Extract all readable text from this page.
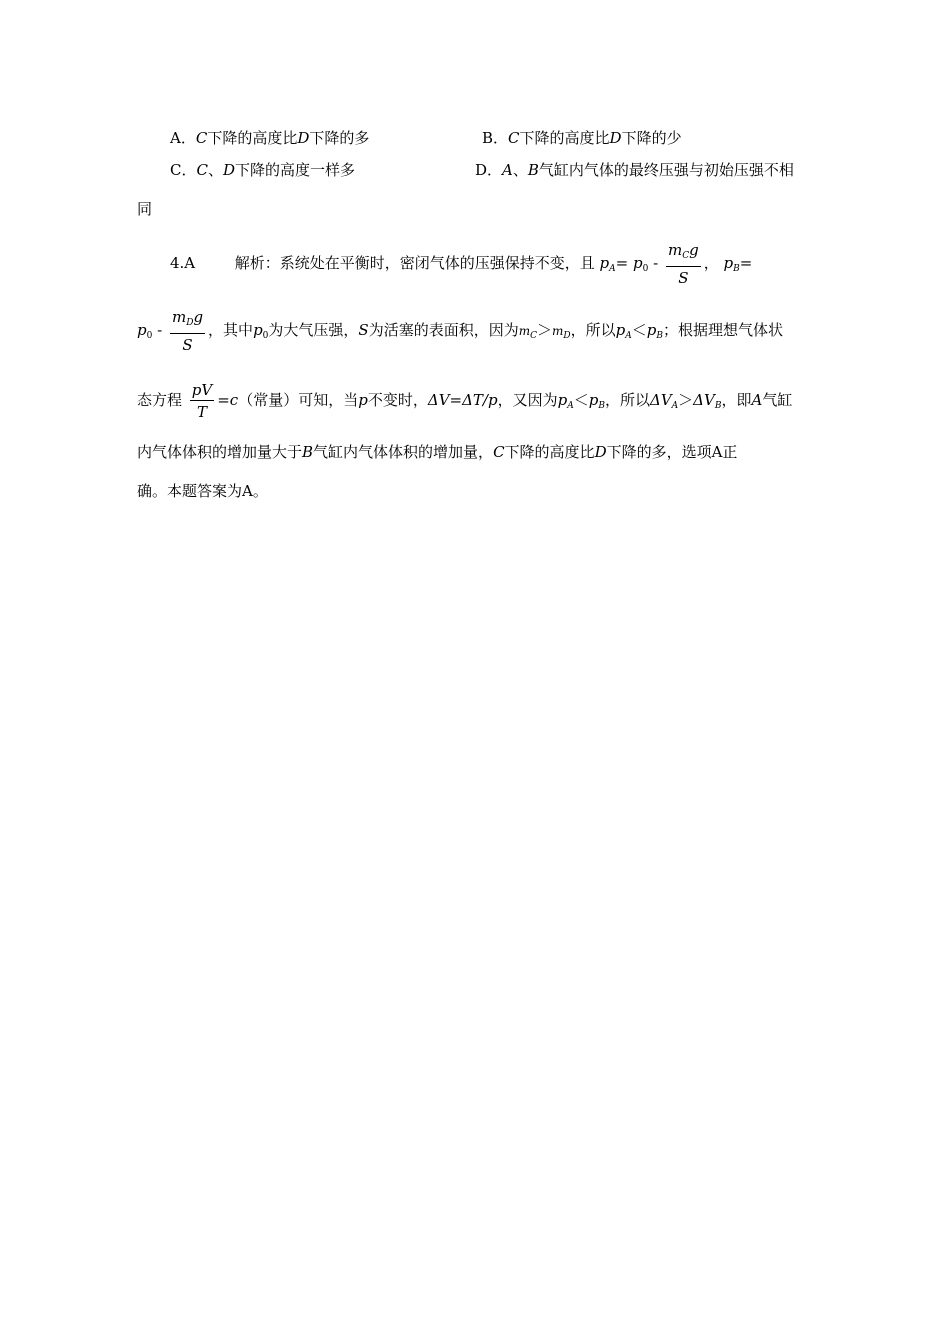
A．C下降的高度比D下降的多	B．C下降的高度比D下降的少
C．C、D下降的高度一样多	D．A、B气缸内气体的最终压强与初始压强不相
同
4.A	解析：系统处在平衡时，密闭气体的压强保持不变，且 $p_A= p_0 - \frac{m_Cg}{S}$ ， $p_B=$
$p_0 - \frac{m_Dg}{S}$ ，其中$p_0$为大气压强，S为活塞的表面积，因为$m_C>m_D$，所以$p_A<p_B$；根据理想气体状
态方程 $\frac{pV}{T} =c$（常量）可知，当p不变时，ΔV=ΔT/p，又因为$p_A<p_B$，所以$\Delta V_A>\Delta V_B$，即A气缸
内气体体积的增加量大于B气缸内气体体积的增加量，C下降的高度比D下降的多，选项A正
确。本题答案为A。
